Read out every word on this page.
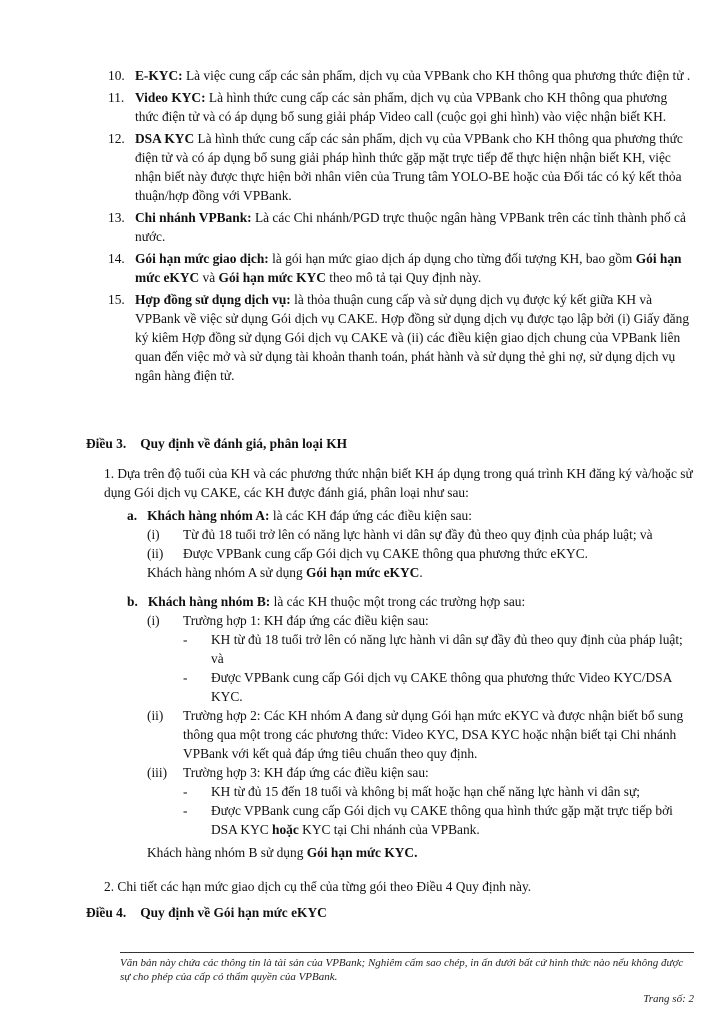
10. E-KYC: Là việc cung cấp các sản phẩm, dịch vụ của VPBank cho KH thông qua phương thức điện tử .
11. Video KYC: Là hình thức cung cấp các sản phẩm, dịch vụ của VPBank cho KH thông qua phương thức điện tử và có áp dụng bổ sung giải pháp Video call (cuộc gọi ghi hình) vào việc nhận biết KH.
12. DSA KYC Là hình thức cung cấp các sản phẩm, dịch vụ của VPBank cho KH thông qua phương thức điện tử và có áp dụng bổ sung giải pháp hình thức gặp mặt trực tiếp để thực hiện nhận biết KH, việc nhận biết này được thực hiện bởi nhân viên của Trung tâm YOLO-BE hoặc của Đối tác có ký kết thỏa thuận/hợp đồng với VPBank.
13. Chi nhánh VPBank: Là các Chi nhánh/PGD trực thuộc ngân hàng VPBank trên các tỉnh thành phố cả nước.
14. Gói hạn mức giao dịch: là gói hạn mức giao dịch áp dụng cho từng đối tượng KH, bao gồm Gói hạn mức eKYC và Gói hạn mức KYC theo mô tả tại Quy định này.
15. Hợp đồng sử dụng dịch vụ: là thỏa thuận cung cấp và sử dụng dịch vụ được ký kết giữa KH và VPBank về việc sử dụng Gói dịch vụ CAKE. Hợp đồng sử dụng dịch vụ được tạo lập bởi (i) Giấy đăng ký kiêm Hợp đồng sử dụng Gói dịch vụ CAKE và (ii) các điều kiện giao dịch chung của VPBank liên quan đến việc mở và sử dụng tài khoản thanh toán, phát hành và sử dụng thẻ ghi nợ, sử dụng dịch vụ ngân hàng điện tử.
Điều 3. Quy định về đánh giá, phân loại KH
1. Dựa trên độ tuổi của KH và các phương thức nhận biết KH áp dụng trong quá trình KH đăng ký và/hoặc sử dụng Gói dịch vụ CAKE, các KH được đánh giá, phân loại như sau:
a. Khách hàng nhóm A: là các KH đáp ứng các điều kiện sau:
(i) Từ đủ 18 tuổi trở lên có năng lực hành vi dân sự đầy đủ theo quy định của pháp luật; và
(ii) Được VPBank cung cấp Gói dịch vụ CAKE thông qua phương thức eKYC.
Khách hàng nhóm A sử dụng Gói hạn mức eKYC.
b. Khách hàng nhóm B: là các KH thuộc một trong các trường hợp sau:
(i) Trường hợp 1: KH đáp ứng các điều kiện sau:
- KH từ đủ 18 tuổi trở lên có năng lực hành vi dân sự đầy đủ theo quy định của pháp luật; và
- Được VPBank cung cấp Gói dịch vụ CAKE thông qua phương thức Video KYC/DSA KYC.
(ii) Trường hợp 2: Các KH nhóm A đang sử dụng Gói hạn mức eKYC và được nhận biết bổ sung thông qua một trong các phương thức: Video KYC, DSA KYC hoặc nhận biết tại Chi nhánh VPBank với kết quả đáp ứng tiêu chuẩn theo quy định.
(iii) Trường hợp 3: KH đáp ứng các điều kiện sau:
- KH từ đủ 15 đến 18 tuổi và không bị mất hoặc hạn chế năng lực hành vi dân sự;
- Được VPBank cung cấp Gói dịch vụ CAKE thông qua hình thức gặp mặt trực tiếp bởi DSA KYC hoặc KYC tại Chi nhánh của VPBank.
Khách hàng nhóm B sử dụng Gói hạn mức KYC.
2. Chi tiết các hạn mức giao dịch cụ thể của từng gói theo Điều 4 Quy định này.
Điều 4. Quy định về Gói hạn mức eKYC
Văn bản này chứa các thông tin là tài sản của VPBank; Nghiêm cấm sao chép, in ấn dưới bất cứ hình thức nào nếu không được sự cho phép của cấp có thẩm quyền của VPBank.
Trang số: 2
